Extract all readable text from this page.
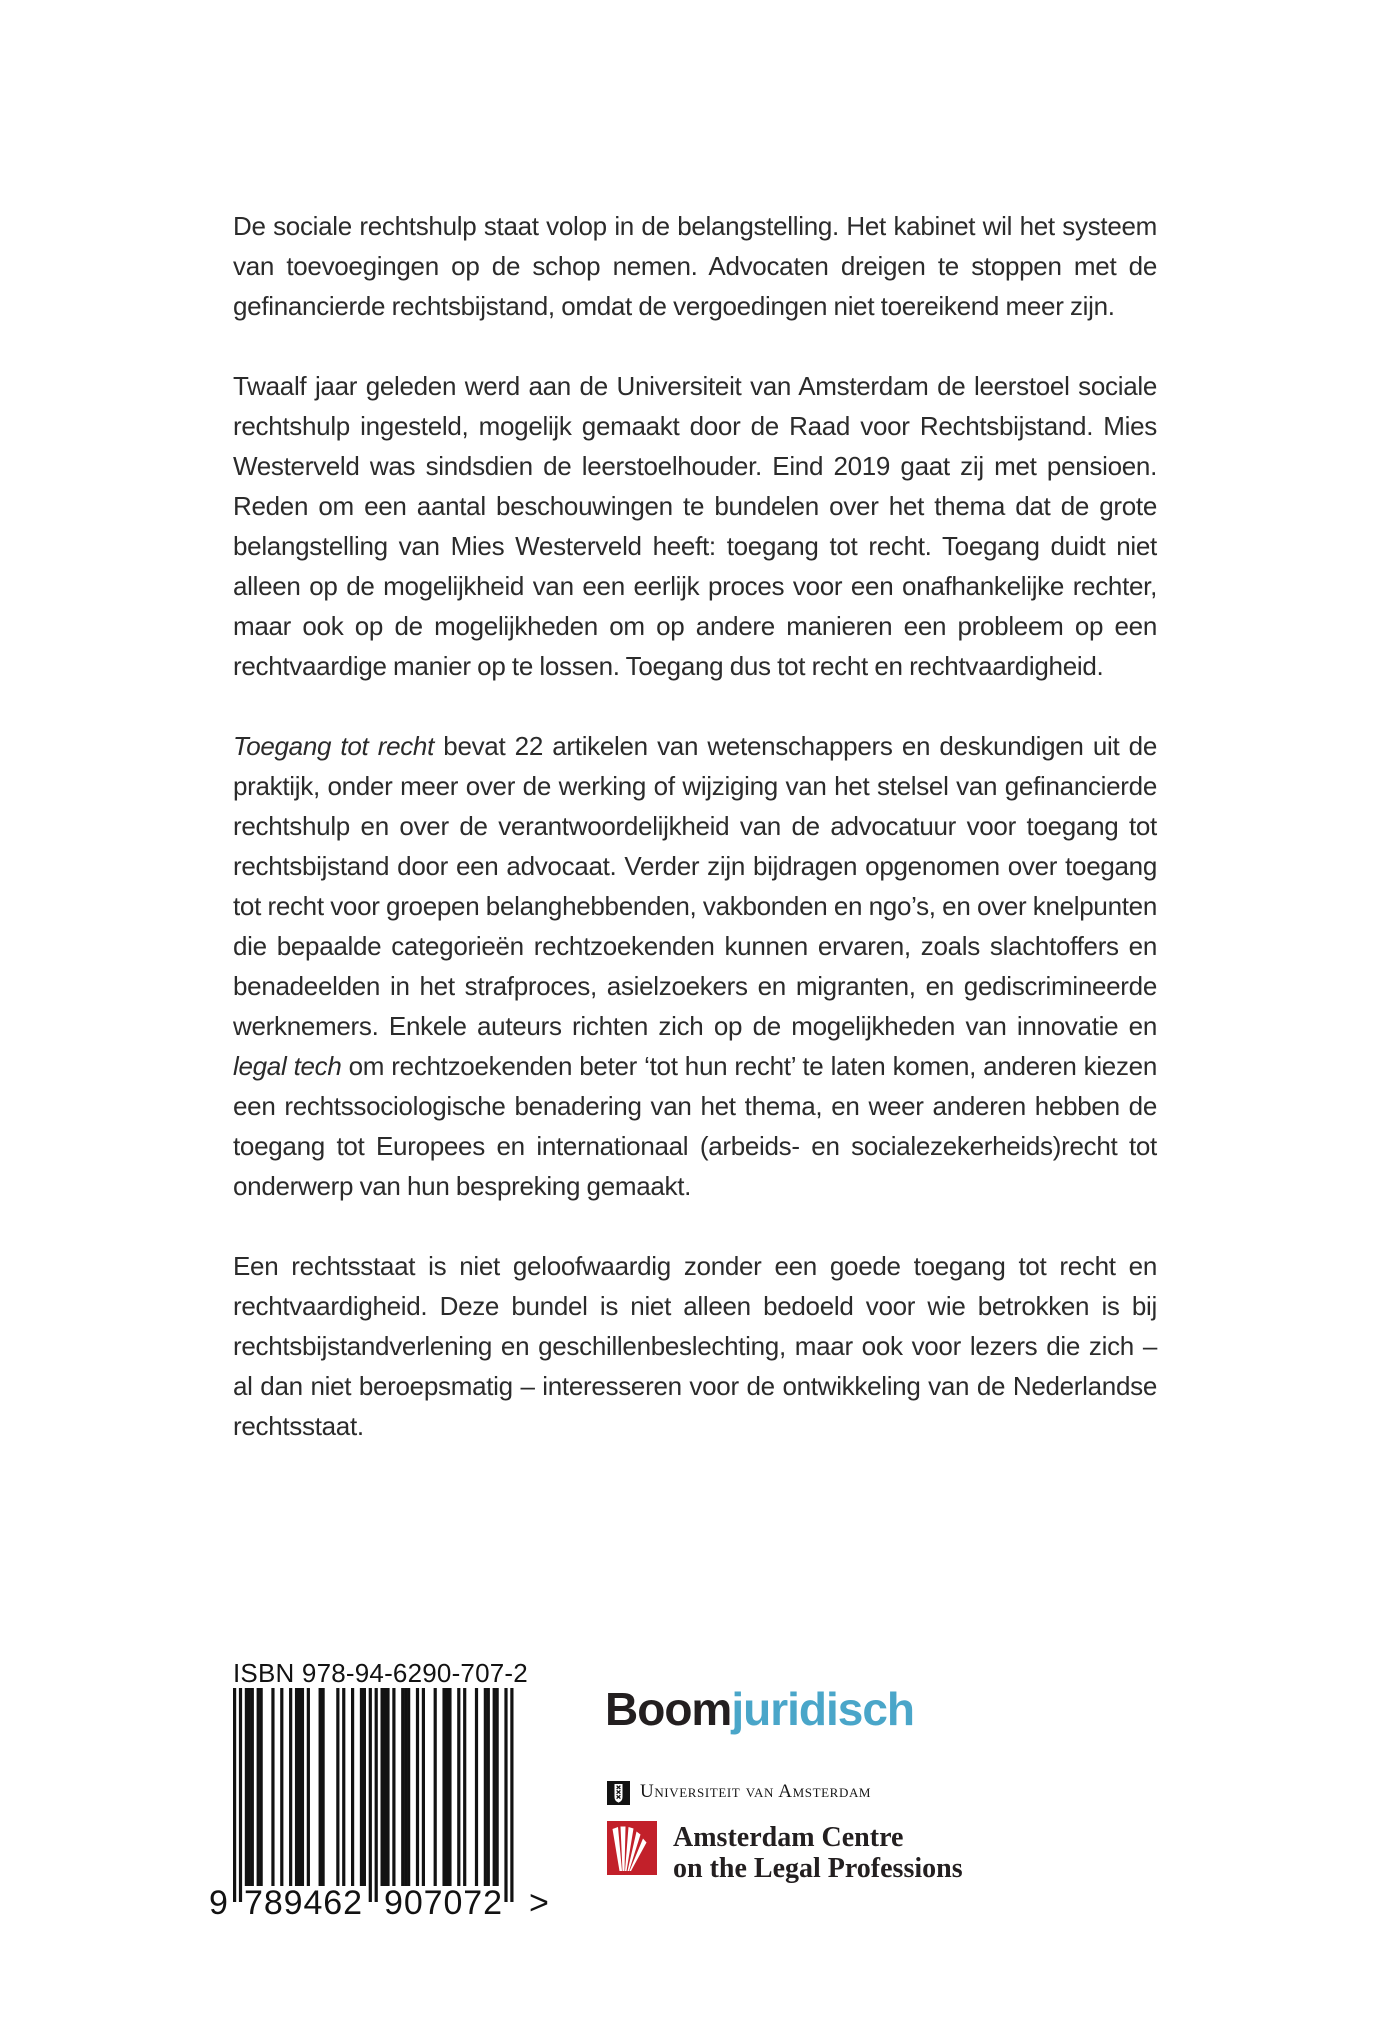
De sociale rechtshulp staat volop in de belangstelling. Het kabinet wil het systeem van toevoegingen op de schop nemen. Advocaten dreigen te stoppen met de gefinancierde rechtsbijstand, omdat de vergoedingen niet toereikend meer zijn.

Twaalf jaar geleden werd aan de Universiteit van Amsterdam de leerstoel sociale rechtshulp ingesteld, mogelijk gemaakt door de Raad voor Rechtsbijstand. Mies Westerveld was sindsdien de leerstoelhouder. Eind 2019 gaat zij met pensioen. Reden om een aantal beschouwingen te bundelen over het thema dat de grote belangstelling van Mies Westerveld heeft: toegang tot recht. Toegang duidt niet alleen op de mogelijkheid van een eerlijk proces voor een onafhankelijke rechter, maar ook op de mogelijkheden om op andere manieren een probleem op een rechtvaardige manier op te lossen. Toegang dus tot recht en rechtvaardigheid.

Toegang tot recht bevat 22 artikelen van wetenschappers en deskundigen uit de praktijk, onder meer over de werking of wijziging van het stelsel van gefinancierde rechtshulp en over de verantwoordelijkheid van de advocatuur voor toegang tot rechtsbijstand door een advocaat. Verder zijn bijdragen opgenomen over toegang tot recht voor groepen belanghebbenden, vakbonden en ngo’s, en over knelpunten die bepaalde categorieën rechtzoekenden kunnen ervaren, zoals slachtoffers en benadeelden in het strafproces, asielzoekers en migranten, en gediscrimineerde werknemers. Enkele auteurs richten zich op de mogelijkheden van innovatie en legal tech om rechtzoekenden beter ‘tot hun recht’ te laten komen, anderen kiezen een rechtssociologische benadering van het thema, en weer anderen hebben de toegang tot Europees en internationaal (arbeids- en socialezekerheids)recht tot onderwerp van hun bespreking gemaakt.

Een rechtsstaat is niet geloofwaardig zonder een goede toegang tot recht en rechtvaardigheid. Deze bundel is niet alleen bedoeld voor wie betrokken is bij rechtsbijstandverlening en geschillenbeslechting, maar ook voor lezers die zich – al dan niet beroepsmatig – interesseren voor de ontwikkeling van de Nederlandse rechtsstaat.

ISBN 978-94-6290-707-2
9 789462 907072 >
Boomjuridisch
Universiteit van Amsterdam
Amsterdam Centre
on the Legal Professions
